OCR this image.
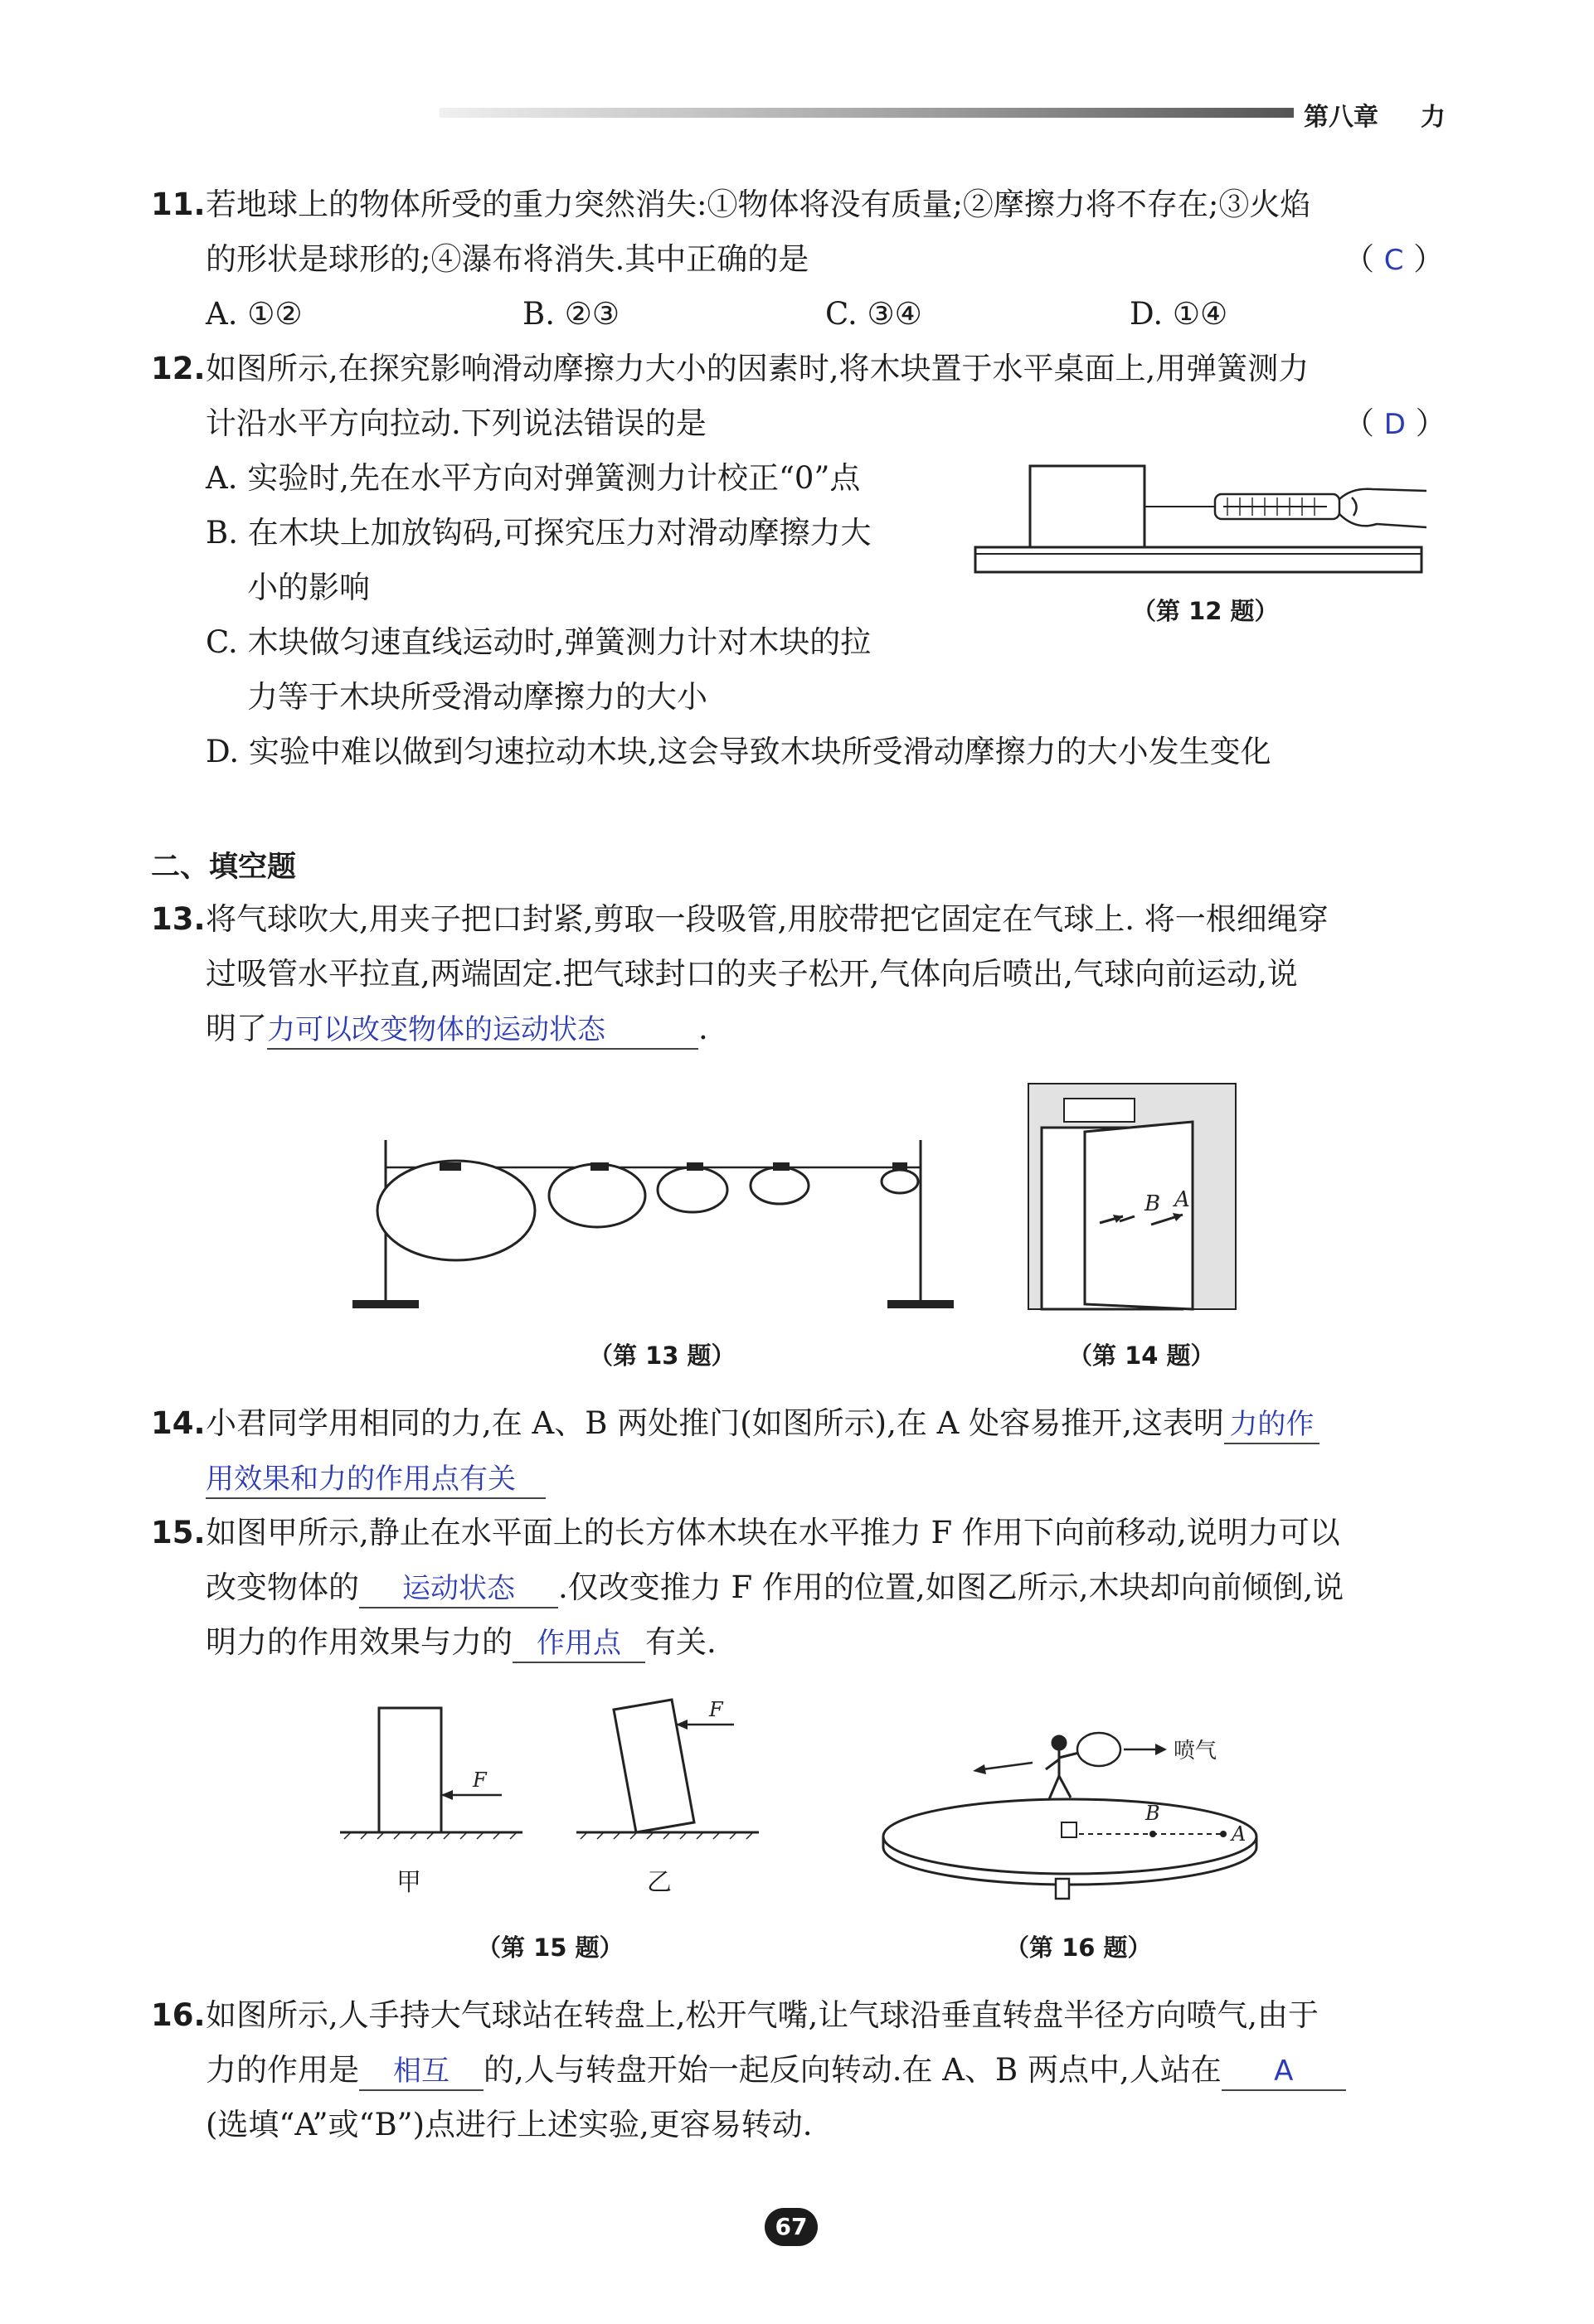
第八章 力
11. 若地球上的物体所受的重力突然消失:①物体将没有质量;②摩擦力将不存在;③火焰
的形状是球形的;④瀑布将消失.其中正确的是	（ C ）
A. ①②	B. ②③	C. ③④	D. ①④
12. 如图所示,在探究影响滑动摩擦力大小的因素时,将木块置于水平桌面上,用弹簧测力
计沿水平方向拉动.下列说法错误的是	（ D ）
A. 实验时,先在水平方向对弹簧测力计校正“0”点
B. 在木块上加放钩码,可探究压力对滑动摩擦力大
小的影响
C. 木块做匀速直线运动时,弹簧测力计对木块的拉
力等于木块所受滑动摩擦力的大小
D. 实验中难以做到匀速拉动木块,这会导致木块所受滑动摩擦力的大小发生变化
（第 12 题）
二、填空题
13. 将气球吹大,用夹子把口封紧,剪取一段吸管,用胶带把它固定在气球上. 将一根细绳穿
过吸管水平拉直,两端固定.把气球封口的夹子松开,气体向后喷出,气球向前运动,说
明了力可以改变物体的运动状态	.
（第 13 题）
B A
（第 14 题）
14. 小君同学用相同的力,在 A、B 两处推门(如图所示),在 A 处容易推开,这表明 力的作
用效果和力的作用点有关
15. 如图甲所示,静止在水平面上的长方体木块在水平推力 F 作用下向前移动,说明力可以
改变物体的 运动状态 .仅改变推力 F 作用的位置,如图乙所示,木块却向前倾倒,说
明力的作用效果与力的 作用点 有关.
F
F
甲	乙
（第 15 题）
B
A
喷气
（第 16 题）
16. 如图所示,人手持大气球站在转盘上,松开气嘴,让气球沿垂直转盘半径方向喷气,由于
力的作用是 相互 的,人与转盘开始一起反向转动.在 A、B 两点中,人站在 A
(选填“A”或“B”)点进行上述实验,更容易转动.
67
